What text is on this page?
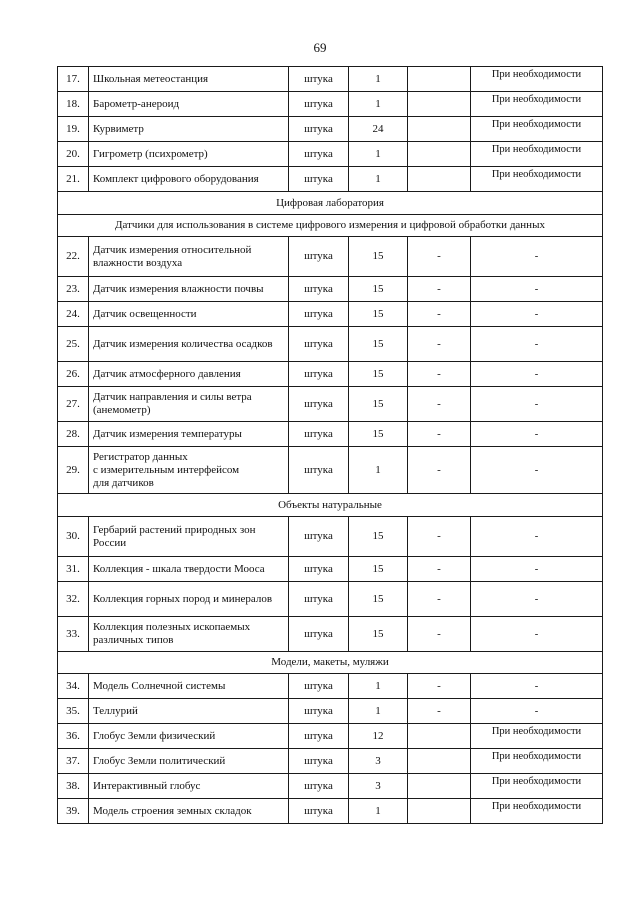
69
17.	Школьная метеостанция	штука	1		При необходимости
18.	Барометр-анероид	штука	1		При необходимости
19.	Курвиметр	штука	24		При необходимости
20.	Гигрометр (психрометр)	штука	1		При необходимости
21.	Комплект цифрового оборудования	штука	1		При необходимости
Цифровая лаборатория					
Датчики для использования в системе цифрового измерения и цифровой обработки данных					
22.	Датчик измерения относительной влажности воздуха	штука	15	-	-
23.	Датчик измерения влажности почвы	штука	15	-	-
24.	Датчик освещенности	штука	15	-	-
25.	Датчик измерения количества осадков	штука	15	-	-
26.	Датчик атмосферного давления	штука	15	-	-
27.	Датчик направления и силы ветра (анемометр)	штука	15	-	-
28.	Датчик измерения температуры	штука	15	-	-
29.	Регистратор данных
с измерительным интерфейсом
для датчиков	штука	1	-	-
Объекты натуральные					
30.	Гербарий растений природных зон России	штука	15	-	-
31.	Коллекция - шкала твердости Мооса	штука	15	-	-
32.	Коллекция горных пород и минералов	штука	15	-	-
33.	Коллекция полезных ископаемых различных типов	штука	15	-	-
Модели, макеты, муляжи					
34.	Модель Солнечной системы	штука	1	-	-
35.	Теллурий	штука	1	-	-
36.	Глобус Земли физический	штука	12		При необходимости
37.	Глобус Земли политический	штука	3		При необходимости
38.	Интерактивный глобус	штука	3		При необходимости
39.	Модель строения земных складок	штука	1		При необходимости
